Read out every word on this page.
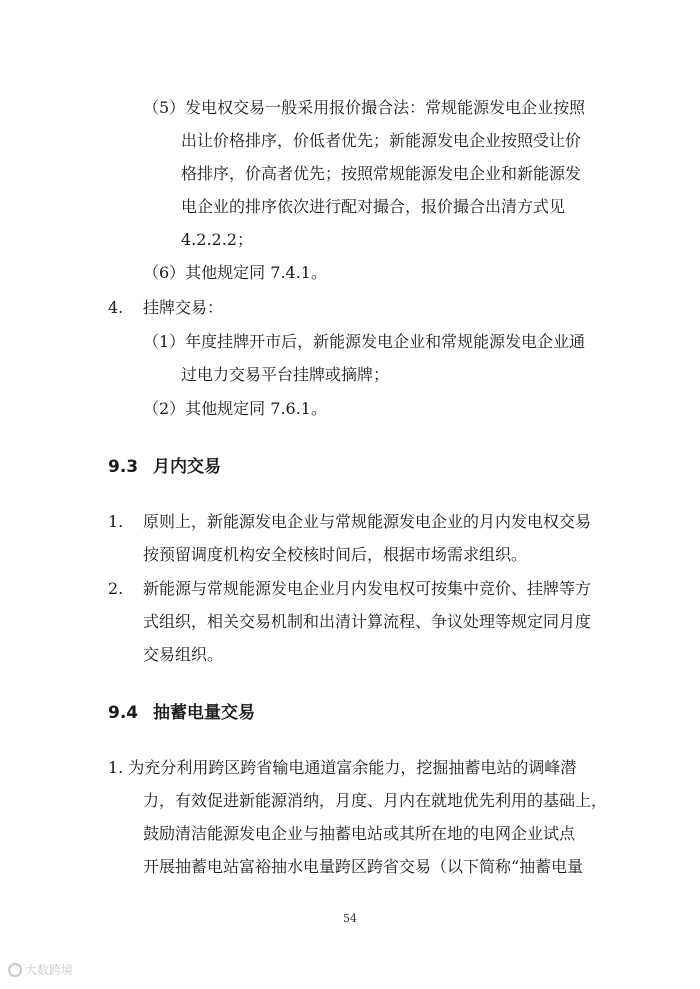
（5）发电权交易一般采用报价撮合法：常规能源发电企业按照
出让价格排序，价低者优先；新能源发电企业按照受让价
格排序，价高者优先；按照常规能源发电企业和新能源发
电企业的排序依次进行配对撮合，报价撮合出清方式见
4.2.2.2；
（6）其他规定同 7.4.1。
4. 挂牌交易：
（1）年度挂牌开市后，新能源发电企业和常规能源发电企业通
过电力交易平台挂牌或摘牌；
（2）其他规定同 7.6.1。
9.3 月内交易
1. 原则上，新能源发电企业与常规能源发电企业的月内发电权交易
按预留调度机构安全校核时间后，根据市场需求组织。
2. 新能源与常规能源发电企业月内发电权可按集中竞价、挂牌等方
式组织，相关交易机制和出清计算流程、争议处理等规定同月度
交易组织。
9.4 抽蓄电量交易
1. 为充分利用跨区跨省输电通道富余能力，挖掘抽蓄电站的调峰潜
力，有效促进新能源消纳，月度、月内在就地优先利用的基础上，
鼓励清洁能源发电企业与抽蓄电站或其所在地的电网企业试点
开展抽蓄电站富裕抽水电量跨区跨省交易（以下简称“抽蓄电量
54
大数跨境
